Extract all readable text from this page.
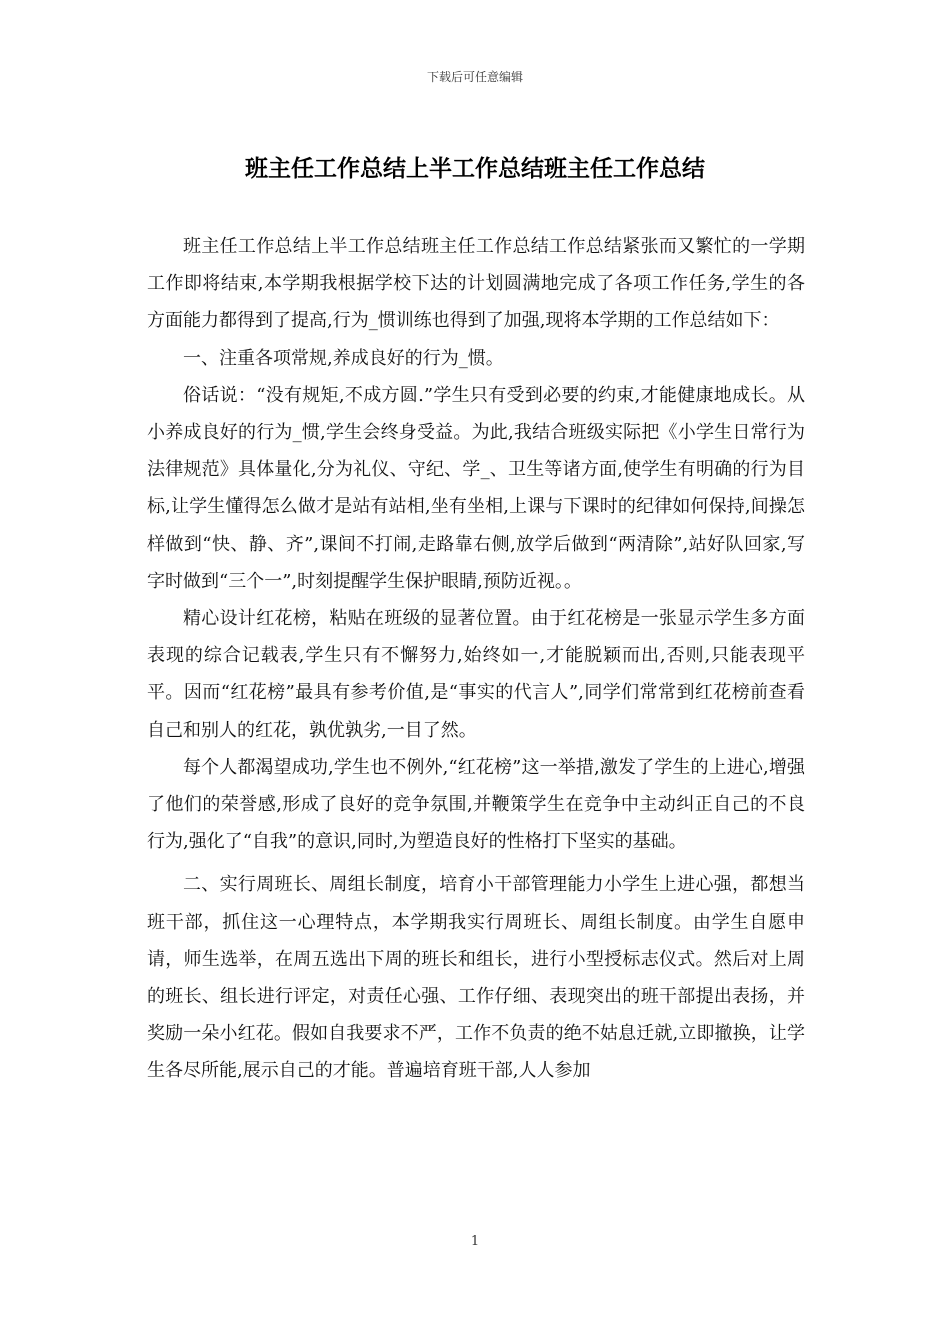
下载后可任意编辑
班主任工作总结上半工作总结班主任工作总结

班主任工作总结上半工作总结班主任工作总结工作总结紧张而又繁忙的一学期工作即将结束,本学期我根据学校下达的计划圆满地完成了各项工作任务,学生的各方面能力都得到了提高,行为_惯训练也得到了加强,现将本学期的工作总结如下：

一、注重各项常规,养成良好的行为_惯。

俗话说：“没有规矩,不成方圆.”学生只有受到必要的约束,才能健康地成长。从小养成良好的行为_惯,学生会终身受益。为此,我结合班级实际把《小学生日常行为法律规范》具体量化,分为礼仪、守纪、学_、卫生等诸方面,使学生有明确的行为目标,让学生懂得怎么做才是站有站相,坐有坐相,上课与下课时的纪律如何保持,间操怎样做到“快、静、齐”,课间不打闹,走路靠右侧,放学后做到“两清除”,站好队回家,写字时做到“三个一”,时刻提醒学生保护眼睛,预防近视。。

精心设计红花榜，粘贴在班级的显著位置。由于红花榜是一张显示学生多方面表现的综合记载表,学生只有不懈努力,始终如一,才能脱颖而出,否则,只能表现平平。因而“红花榜”最具有参考价值,是“事实的代言人”,同学们常常到红花榜前查看自己和别人的红花，孰优孰劣,一目了然。

每个人都渴望成功,学生也不例外,“红花榜”这一举措,激发了学生的上进心,增强了他们的荣誉感,形成了良好的竞争氛围,并鞭策学生在竞争中主动纠正自己的不良行为,强化了“自我”的意识,同时,为塑造良好的性格打下坚实的基础。

二、实行周班长、周组长制度，培育小干部管理能力小学生上进心强，都想当班干部，抓住这一心理特点，本学期我实行周班长、周组长制度。由学生自愿申请，师生选举，在周五选出下周的班长和组长，进行小型授标志仪式。然后对上周的班长、组长进行评定，对责任心强、工作仔细、表现突出的班干部提出表扬，并奖励一朵小红花。假如自我要求不严，工作不负责的绝不姑息迁就,立即撤换，让学生各尽所能,展示自己的才能。普遍培育班干部,人人参加

1
